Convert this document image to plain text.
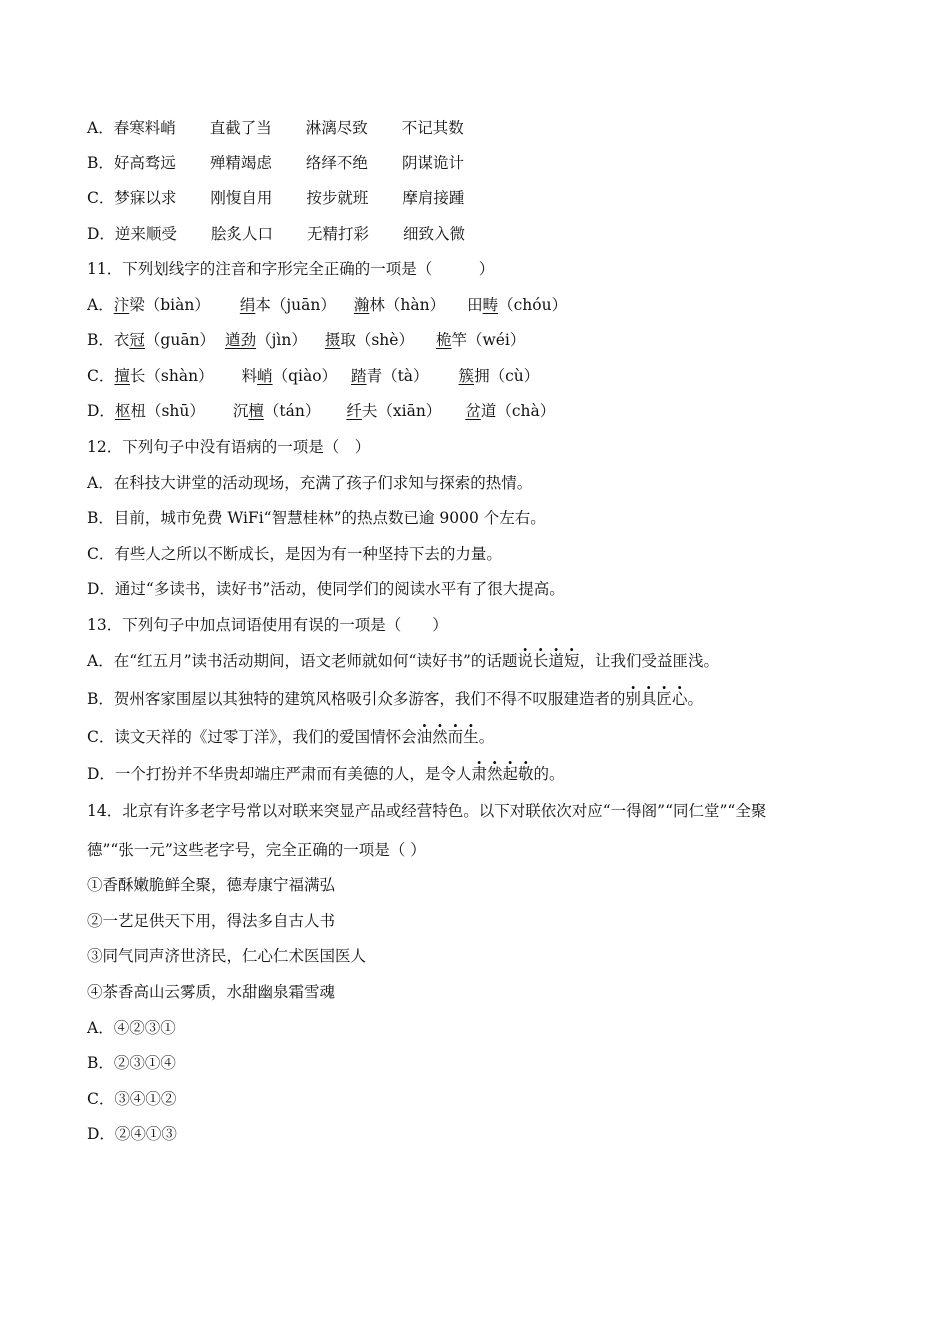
A．春寒料峭 直截了当 淋漓尽致 不记其数
B．好高骛远 殚精竭虑 络绎不绝 阴谋诡计
C．梦寐以求 刚愎自用 按步就班 摩肩接踵
D．逆来顺受 脍炙人口 无精打彩 细致入微
11．下列划线字的注音和字形完全正确的一项是（　　　）
A．汴梁（biàn） 绢本（juān） 瀚林（hàn） 田畴（chóu）
B．衣冠（guān） 遒劲（jìn） 摄取（shè） 桅竿（wéi）
C．擅长（shàn） 料峭（qiào） 踏青（tà） 簇拥（cù）
D．枢杻（shū） 沉檀（tán） 纤夫（xiān） 岔道（chà）
12．下列句子中没有语病的一项是（　）
A．在科技大讲堂的活动现场，充满了孩子们求知与探索的热情。
B．目前，城市免费 WiFi“智慧桂林”的热点数已逾 9000 个左右。
C．有些人之所以不断成长，是因为有一种坚持下去的力量。
D．通过“多读书，读好书”活动，使同学们的阅读水平有了很大提高。
13．下列句子中加点词语使用有误的一项是（　　）
A．在“红五月”读书活动期间，语文老师就如何“读好书”的话题说长道短，让我们受益匪浅。
B．贺州客家围屋以其独特的建筑风格吸引众多游客，我们不得不叹服建造者的别具匠心。
C．读文天祥的《过零丁洋》，我们的爱国情怀会油然而生。
D．一个打扮并不华贵却端庄严肃而有美德的人，是令人肃然起敬的。
14．北京有许多老字号常以对联来突显产品或经营特色。以下对联依次对应“一得阁”“同仁堂”“全聚
德”“张一元”这些老字号，完全正确的一项是（ ）
①香酥嫩脆鲜全聚，德寿康宁福满弘
②一艺足供天下用，得法多自古人书
③同气同声济世济民，仁心仁术医国医人
④茶香高山云雾质，水甜幽泉霜雪魂
A．④②③①
B．②③①④
C．③④①②
D．②④①③
